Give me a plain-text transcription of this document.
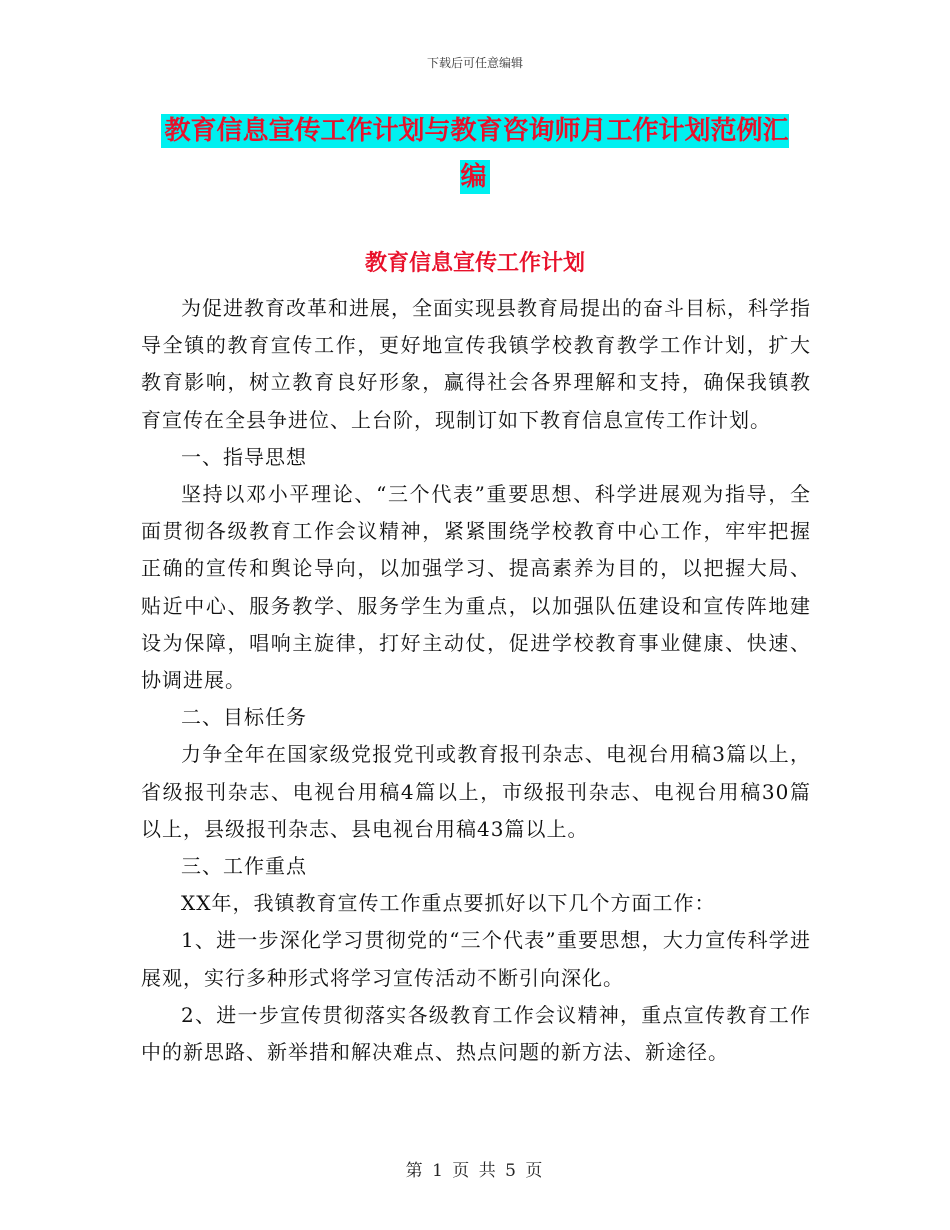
下载后可任意编辑
教育信息宣传工作计划与教育咨询师月工作计划范例汇编
教育信息宣传工作计划

为促进教育改革和进展，全面实现县教育局提出的奋斗目标，科学指导全镇的教育宣传工作，更好地宣传我镇学校教育教学工作计划，扩大教育影响，树立教育良好形象，赢得社会各界理解和支持，确保我镇教育宣传在全县争进位、上台阶，现制订如下教育信息宣传工作计划。

一、指导思想

坚持以邓小平理论、“三个代表”重要思想、科学进展观为指导，全面贯彻各级教育工作会议精神，紧紧围绕学校教育中心工作，牢牢把握正确的宣传和舆论导向，以加强学习、提高素养为目的，以把握大局、贴近中心、服务教学、服务学生为重点，以加强队伍建设和宣传阵地建设为保障，唱响主旋律，打好主动仗，促进学校教育事业健康、快速、协调进展。

二、目标任务

力争全年在国家级党报党刊或教育报刊杂志、电视台用稿3篇以上，省级报刊杂志、电视台用稿4篇以上，市级报刊杂志、电视台用稿30篇以上，县级报刊杂志、县电视台用稿43篇以上。

三、工作重点

XX年，我镇教育宣传工作重点要抓好以下几个方面工作：

1、进一步深化学习贯彻党的“三个代表”重要思想，大力宣传科学进展观，实行多种形式将学习宣传活动不断引向深化。

2、进一步宣传贯彻落实各级教育工作会议精神，重点宣传教育工作中的新思路、新举措和解决难点、热点问题的新方法、新途径。

第 1 页 共 5 页
